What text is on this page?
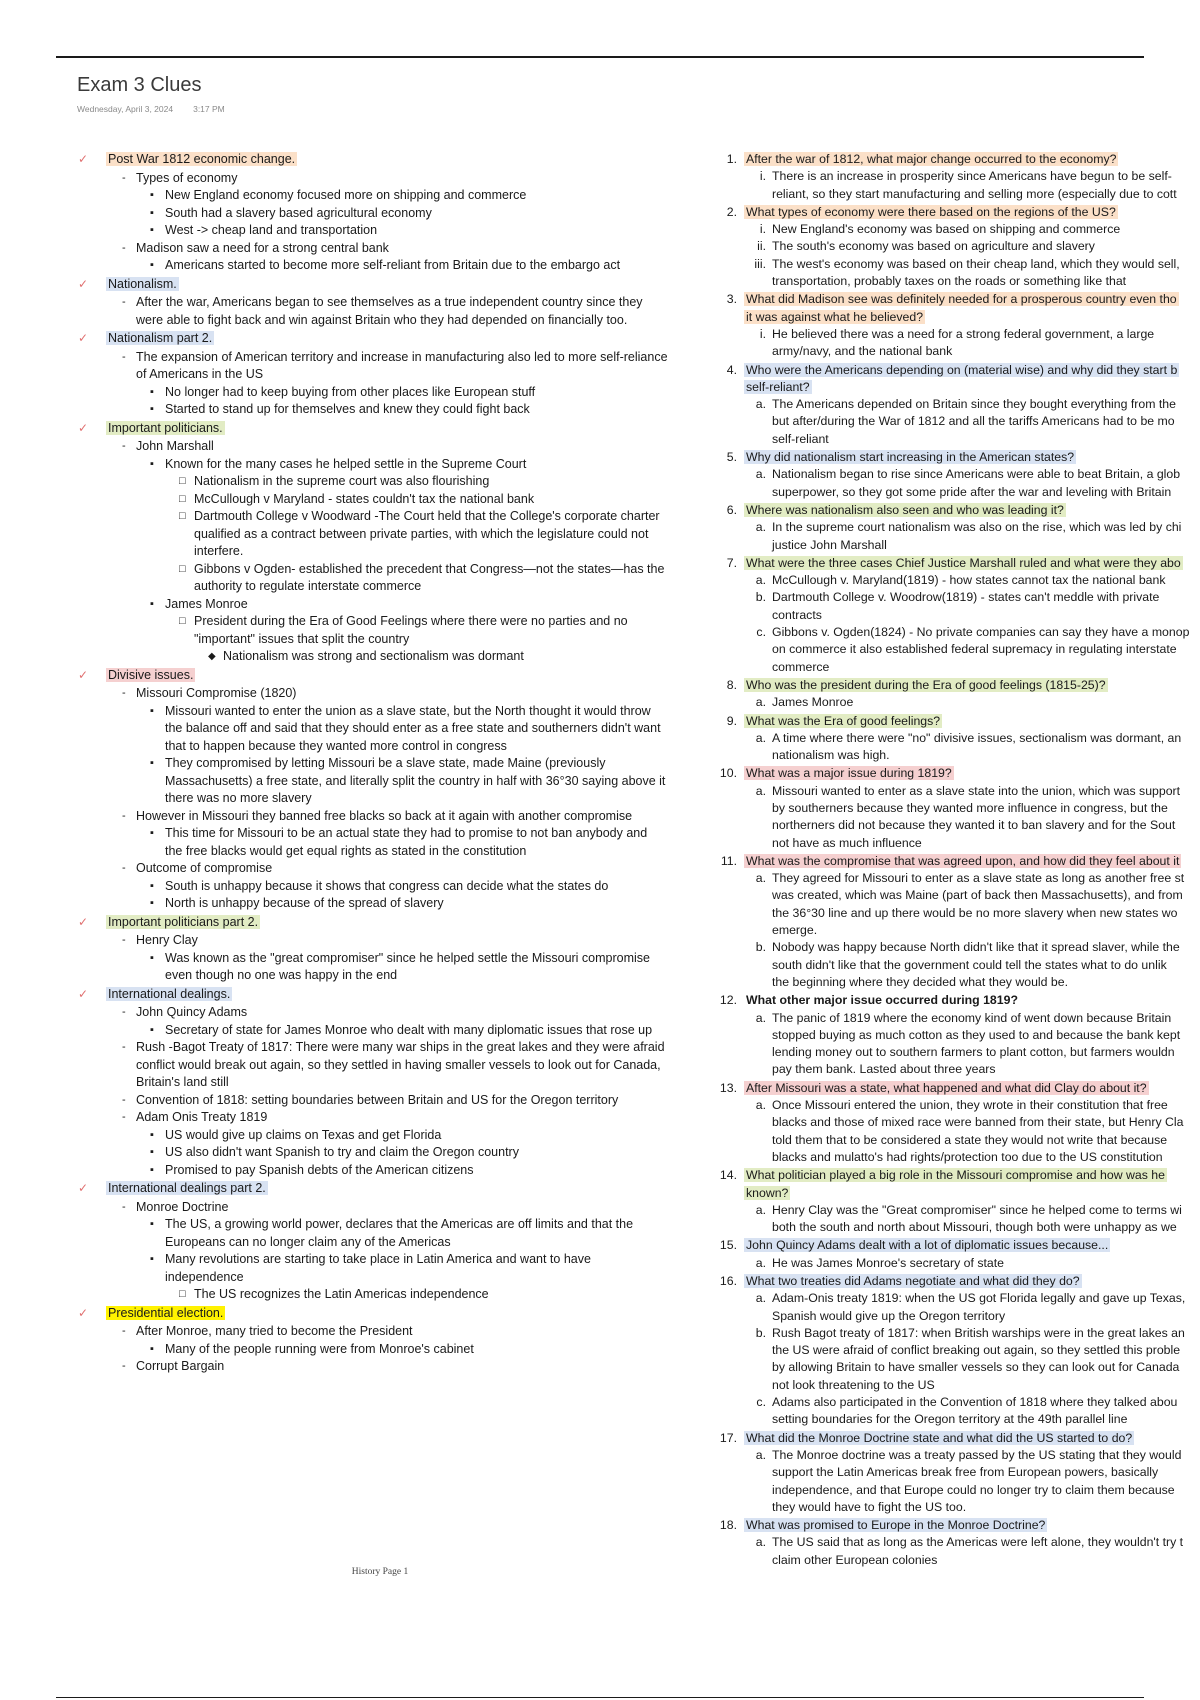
Exam 3 Clues
Wednesday, April 3, 2024 3:17 PM
✓ Post War 1812 economic change.
- Types of economy
▪ New England economy focused more on shipping and commerce
▪ South had a slavery based agricultural economy
▪ West -> cheap land and transportation
- Madison saw a need for a strong central bank
▪ Americans started to become more self-reliant from Britain due to the embargo act
✓ Nationalism.
- After the war, Americans began to see themselves as a true independent country since they were able to fight back and win against Britain who they had depended on financially too.
✓ Nationalism part 2.
- The expansion of American territory and increase in manufacturing also led to more self-reliance of Americans in the US
▪ No longer had to keep buying from other places like European stuff
▪ Started to stand up for themselves and knew they could fight back
✓ Important politicians.
- John Marshall
▪ Known for the many cases he helped settle in the Supreme Court
□ Nationalism in the supreme court was also flourishing
□ McCullough v Maryland - states couldn't tax the national bank
□ Dartmouth College v Woodward -The Court held that the College's corporate charter qualified as a contract between private parties, with which the legislature could not interfere.
□ Gibbons v Ogden- established the precedent that Congress—not the states—has the authority to regulate interstate commerce
▪ James Monroe
□ President during the Era of Good Feelings where there were no parties and no "important" issues that split the country
◆ Nationalism was strong and sectionalism was dormant
✓ Divisive issues.
- Missouri Compromise (1820)
▪ Missouri wanted to enter the union as a slave state, but the North thought it would throw the balance off and said that they should enter as a free state and southerners didn't want that to happen because they wanted more control in congress
▪ They compromised by letting Missouri be a slave state, made Maine (previously Massachusetts) a free state, and literally split the country in half with 36°30 saying above it there was no more slavery
- However in Missouri they banned free blacks so back at it again with another compromise
▪ This time for Missouri to be an actual state they had to promise to not ban anybody and the free blacks would get equal rights as stated in the constitution
- Outcome of compromise
▪ South is unhappy because it shows that congress can decide what the states do
▪ North is unhappy because of the spread of slavery
✓ Important politicians part 2.
- Henry Clay
▪ Was known as the "great compromiser" since he helped settle the Missouri compromise even though no one was happy in the end
✓ International dealings.
- John Quincy Adams
▪ Secretary of state for James Monroe who dealt with many diplomatic issues that rose up
- Rush -Bagot Treaty of 1817: There were many war ships in the great lakes and they were afraid conflict would break out again, so they settled in having smaller vessels to look out for Canada, Britain's land still
- Convention of 1818: setting boundaries between Britain and US for the Oregon territory
- Adam Onis Treaty 1819
▪ US would give up claims on Texas and get Florida
▪ US also didn't want Spanish to try and claim the Oregon country
▪ Promised to pay Spanish debts of the American citizens
✓ International dealings part 2.
- Monroe Doctrine
▪ The US, a growing world power, declares that the Americas are off limits and that the Europeans can no longer claim any of the Americas
▪ Many revolutions are starting to take place in Latin America and want to have independence
□ The US recognizes the Latin Americas independence
✓ Presidential election.
- After Monroe, many tried to become the President
▪ Many of the people running were from Monroe's cabinet
- Corrupt Bargain
1. After the war of 1812, what major change occurred to the economy?
i. There is an increase in prosperity since Americans have begun to be self-
reliant, so they start manufacturing and selling more (especially due to cott
2. What types of economy were there based on the regions of the US?
i. New England's economy was based on shipping and commerce
ii. The south's economy was based on agriculture and slavery
iii. The west's economy was based on their cheap land, which they would sell,
transportation, probably taxes on the roads or something like that
3. What did Madison see was definitely needed for a prosperous country even tho
it was against what he believed?
i. He believed there was a need for a strong federal government, a large
army/navy, and the national bank
4. Who were the Americans depending on (material wise) and why did they start b
self-reliant?
a. The Americans depended on Britain since they bought everything from the
but after/during the War of 1812 and all the tariffs Americans had to be mo
self-reliant
5. Why did nationalism start increasing in the American states?
a. Nationalism began to rise since Americans were able to beat Britain, a glob
superpower, so they got some pride after the war and leveling with Britain
6. Where was nationalism also seen and who was leading it?
a. In the supreme court nationalism was also on the rise, which was led by chi
justice John Marshall
7. What were the three cases Chief Justice Marshall ruled and what were they abo
a. McCullough v. Maryland(1819) - how states cannot tax the national bank
b. Dartmouth College v. Woodrow(1819) - states can't meddle with private
contracts
c. Gibbons v. Ogden(1824) - No private companies can say they have a monop
on commerce it also established federal supremacy in regulating interstate
commerce
8. Who was the president during the Era of good feelings (1815-25)?
a. James Monroe
9. What was the Era of good feelings?
a. A time where there were "no" divisive issues, sectionalism was dormant, an
nationalism was high.
10. What was a major issue during 1819?
a. Missouri wanted to enter as a slave state into the union, which was support
by southerners because they wanted more influence in congress, but the
northerners did not because they wanted it to ban slavery and for the Sout
not have as much influence
11. What was the compromise that was agreed upon, and how did they feel about it
a. They agreed for Missouri to enter as a slave state as long as another free st
was created, which was Maine (part of back then Massachusetts), and from
the 36°30 line and up there would be no more slavery when new states wo
emerge.
b. Nobody was happy because North didn't like that it spread slaver, while the
south didn't like that the government could tell the states what to do unlik
the beginning where they decided what they would be.
12. What other major issue occurred during 1819?
a. The panic of 1819 where the economy kind of went down because Britain
stopped buying as much cotton as they used to and because the bank kept
lending money out to southern farmers to plant cotton, but farmers wouldn
pay them bank. Lasted about three years
13. After Missouri was a state, what happened and what did Clay do about it?
a. Once Missouri entered the union, they wrote in their constitution that free
blacks and those of mixed race were banned from their state, but Henry Cla
told them that to be considered a state they would not write that because
blacks and mulatto's had rights/protection too due to the US constitution
14. What politician played a big role in the Missouri compromise and how was he
known?
a. Henry Clay was the "Great compromiser" since he helped come to terms wi
both the south and north about Missouri, though both were unhappy as we
15. John Quincy Adams dealt with a lot of diplomatic issues because...
a. He was James Monroe's secretary of state
16. What two treaties did Adams negotiate and what did they do?
a. Adam-Onis treaty 1819: when the US got Florida legally and gave up Texas,
Spanish would give up the Oregon territory
b. Rush Bagot treaty of 1817: when British warships were in the great lakes an
the US were afraid of conflict breaking out again, so they settled this proble
by allowing Britain to have smaller vessels so they can look out for Canada
not look threatening to the US
c. Adams also participated in the Convention of 1818 where they talked abou
setting boundaries for the Oregon territory at the 49th parallel line
17. What did the Monroe Doctrine state and what did the US started to do?
a. The Monroe doctrine was a treaty passed by the US stating that they would
support the Latin Americas break free from European powers, basically
independence, and that Europe could no longer try to claim them because
they would have to fight the US too.
18. What was promised to Europe in the Monroe Doctrine?
a. The US said that as long as the Americas were left alone, they wouldn't try t
claim other European colonies
History Page 1
